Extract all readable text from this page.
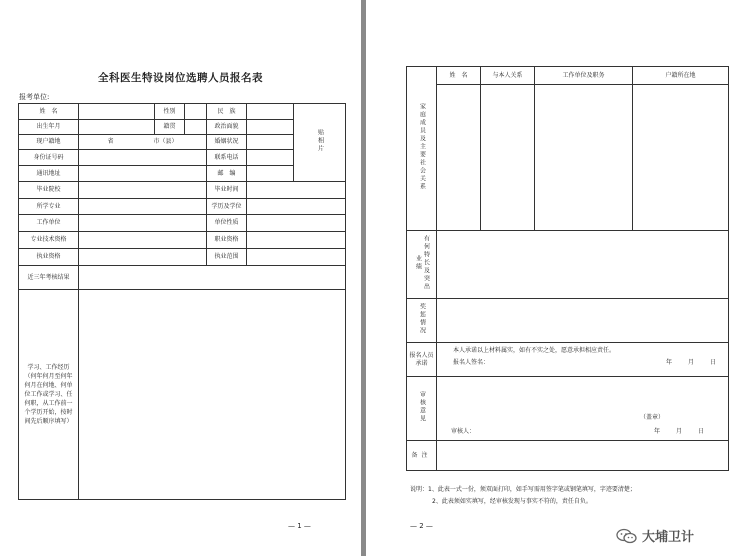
全科医生特设岗位选聘人员报名表
报考单位:
姓　名		性别		民　族		贴相片
出生年月		籍贯		政治面貌		
现户籍地	省 市（县）			婚姻状况		
身份证号码				联系电话		
通讯地址				邮　编		
毕业院校				毕业时间		
所学专业				学历及学位		
工作单位				单位性质		
专业技术资格				职业资格		
执业资格				执业范围		
近三年考核结果						
学习、工作经历（何年何月至何年何月在何地、何单位工作或学习、任何职，从工作前一个学历开始，按时间先后顺序填写）						
— 1 —
家庭成员及主要社会关系	姓　名	与本人关系	工作单位及职务	户籍所在地

有何特长及突出业绩				
奖惩情况				
报名人员承诺	本人承诺以上材料属实，如有不实之处，愿意承担相应责任。
报名人签名： 年 月 日			

审核意见	（盖章）
审核人： 年 月 日			

备注				
说明：1、此表一式一份，须双面打印，如手写需用签字笔或钢笔填写，字迹要清楚；
2、此表须如实填写，经审核发现与事实不符的，责任自负。
— 2 —
大埔卫计
